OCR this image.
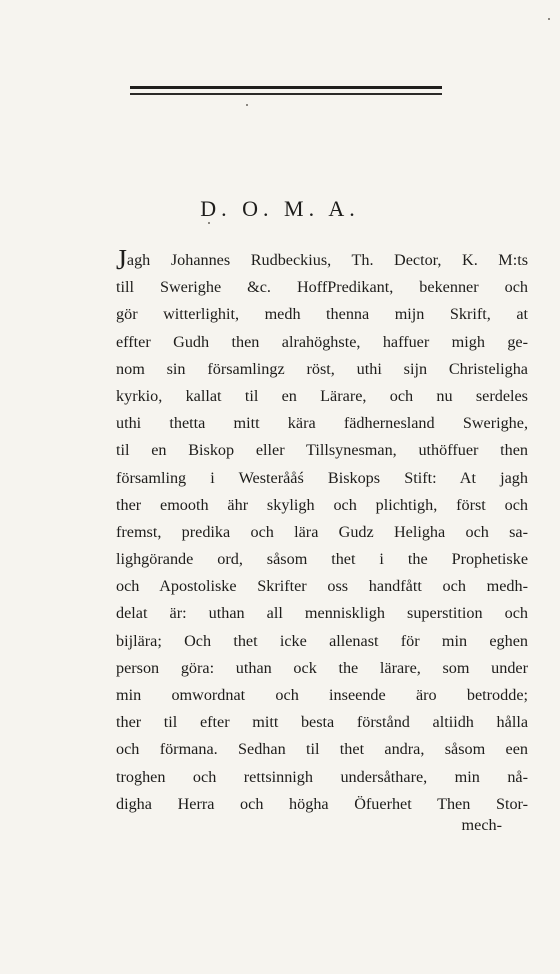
D. O. M. A.
Jagh Johannes Rudbeckius, Th. Dector, K. M:ts
till Swerighe &c. HoffPredikant, bekenner och
gör witterlighit, medh thenna mijn Skrift, at
effter Gudh then alrahöghste, haffuer migh ge-
nom sin församlingz röst, uthi sijn Christeligha
kyrkio, kallat til en Lärare, och nu serdeles
uthi thetta mitt kära fädhernesland Swerighe,
til en Biskop eller Tillsynesman, uthöffuer then
församling i Westerååś Biskops Stift: At jagh
ther emooth ähr skyligh och plichtigh, först och
fremst, predika och lära Gudz Heligha och sa-
lighgörande ord, såsom thet i the Prophetiske
och Apostoliske Skrifter oss handfått och medh-
delat är: uthan all menniskligh superstition och
bijlära; Och thet icke allenast för min eghen
person göra: uthan ock the lärare, som under
min omwordnat och inseende äro betrodde;
ther til efter mitt besta förstånd altiidh hålla
och förmana. Sedhan til thet andra, såsom een
troghen och rettsinnigh undersåthare, min nå-
digha Herra och högha Öfuerhet Then Stor-
mech-
